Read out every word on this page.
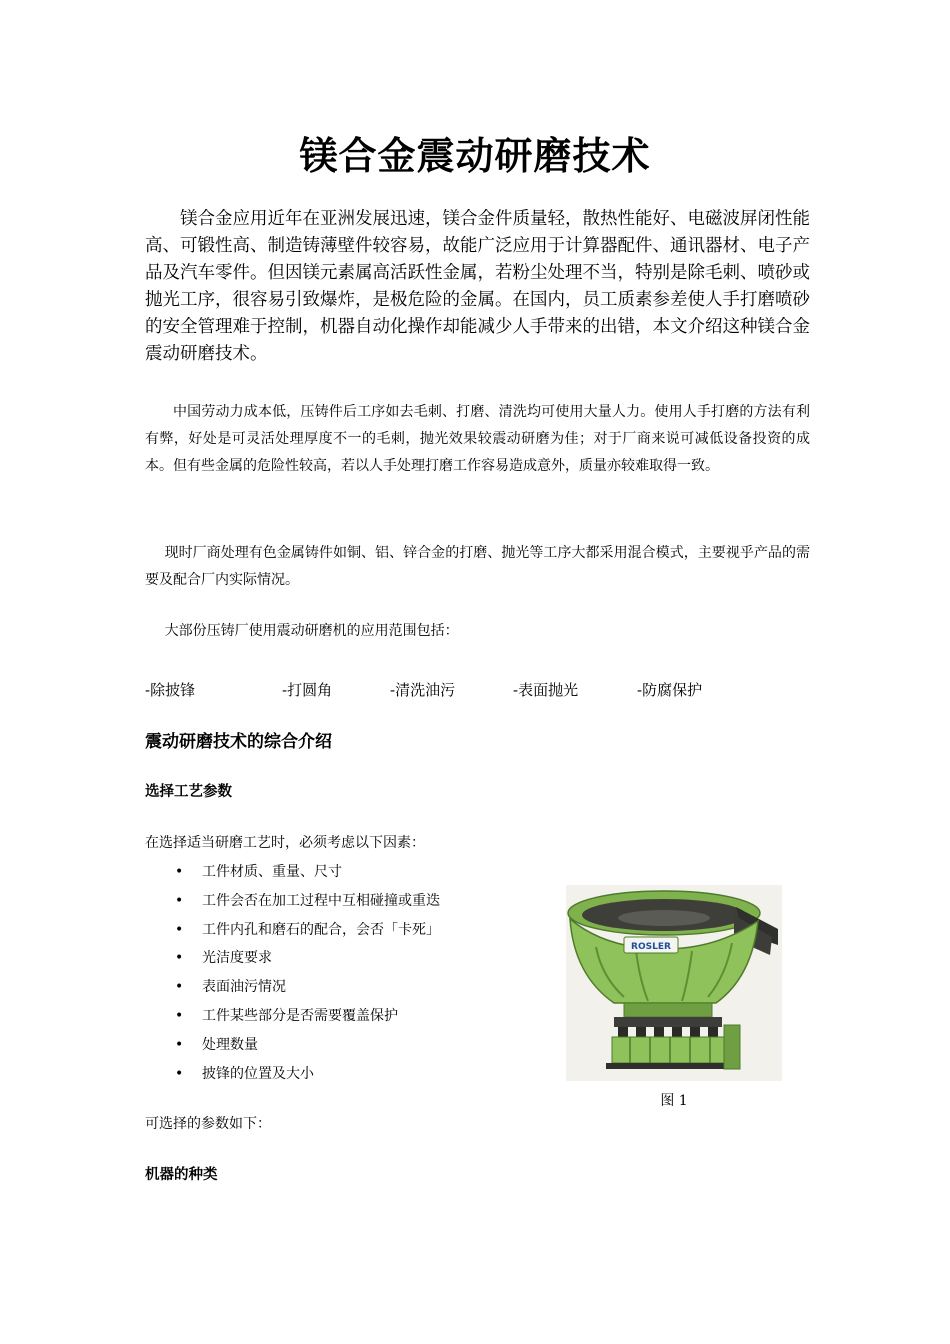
镁合金震动研磨技术
镁合金应用近年在亚洲发展迅速，镁合金件质量轻，散热性能好、电磁波屏闭性能高、可锻性高、制造铸薄壁件较容易，故能广泛应用于计算器配件、通讯器材、电子产品及汽车零件。但因镁元素属高活跃性金属，若粉尘处理不当，特别是除毛刺、喷砂或抛光工序，很容易引致爆炸，是极危险的金属。在国内，员工质素参差使人手打磨喷砂的安全管理难于控制，机器自动化操作却能减少人手带来的出错，本文介绍这种镁合金震动研磨技术。
中国劳动力成本低，压铸件后工序如去毛刺、打磨、清洗均可使用大量人力。使用人手打磨的方法有利有弊，好处是可灵活处理厚度不一的毛刺，抛光效果较震动研磨为佳；对于厂商来说可减低设备投资的成本。但有些金属的危险性较高，若以人手处理打磨工作容易造成意外，质量亦较难取得一致。
现时厂商处理有色金属铸件如铜、铝、锌合金的打磨、抛光等工序大都采用混合模式，主要视乎产品的需要及配合厂内实际情况。
大部份压铸厂使用震动研磨机的应用范围包括：
-除披锋	-打圆角	-清洗油污	-表面抛光	-防腐保护
震动研磨技术的综合介绍
选择工艺参数
在选择适当研磨工艺时，必须考虑以下因素：
• 工件材质、重量、尺寸
• 工件会否在加工过程中互相碰撞或重迭
• 工件内孔和磨石的配合，会否「卡死」
• 光洁度要求
• 表面油污情况
• 工件某些部分是否需要覆盖保护
• 处理数量
• 披锋的位置及大小
ROSLER
图 1
可选择的参数如下：
机器的种类
